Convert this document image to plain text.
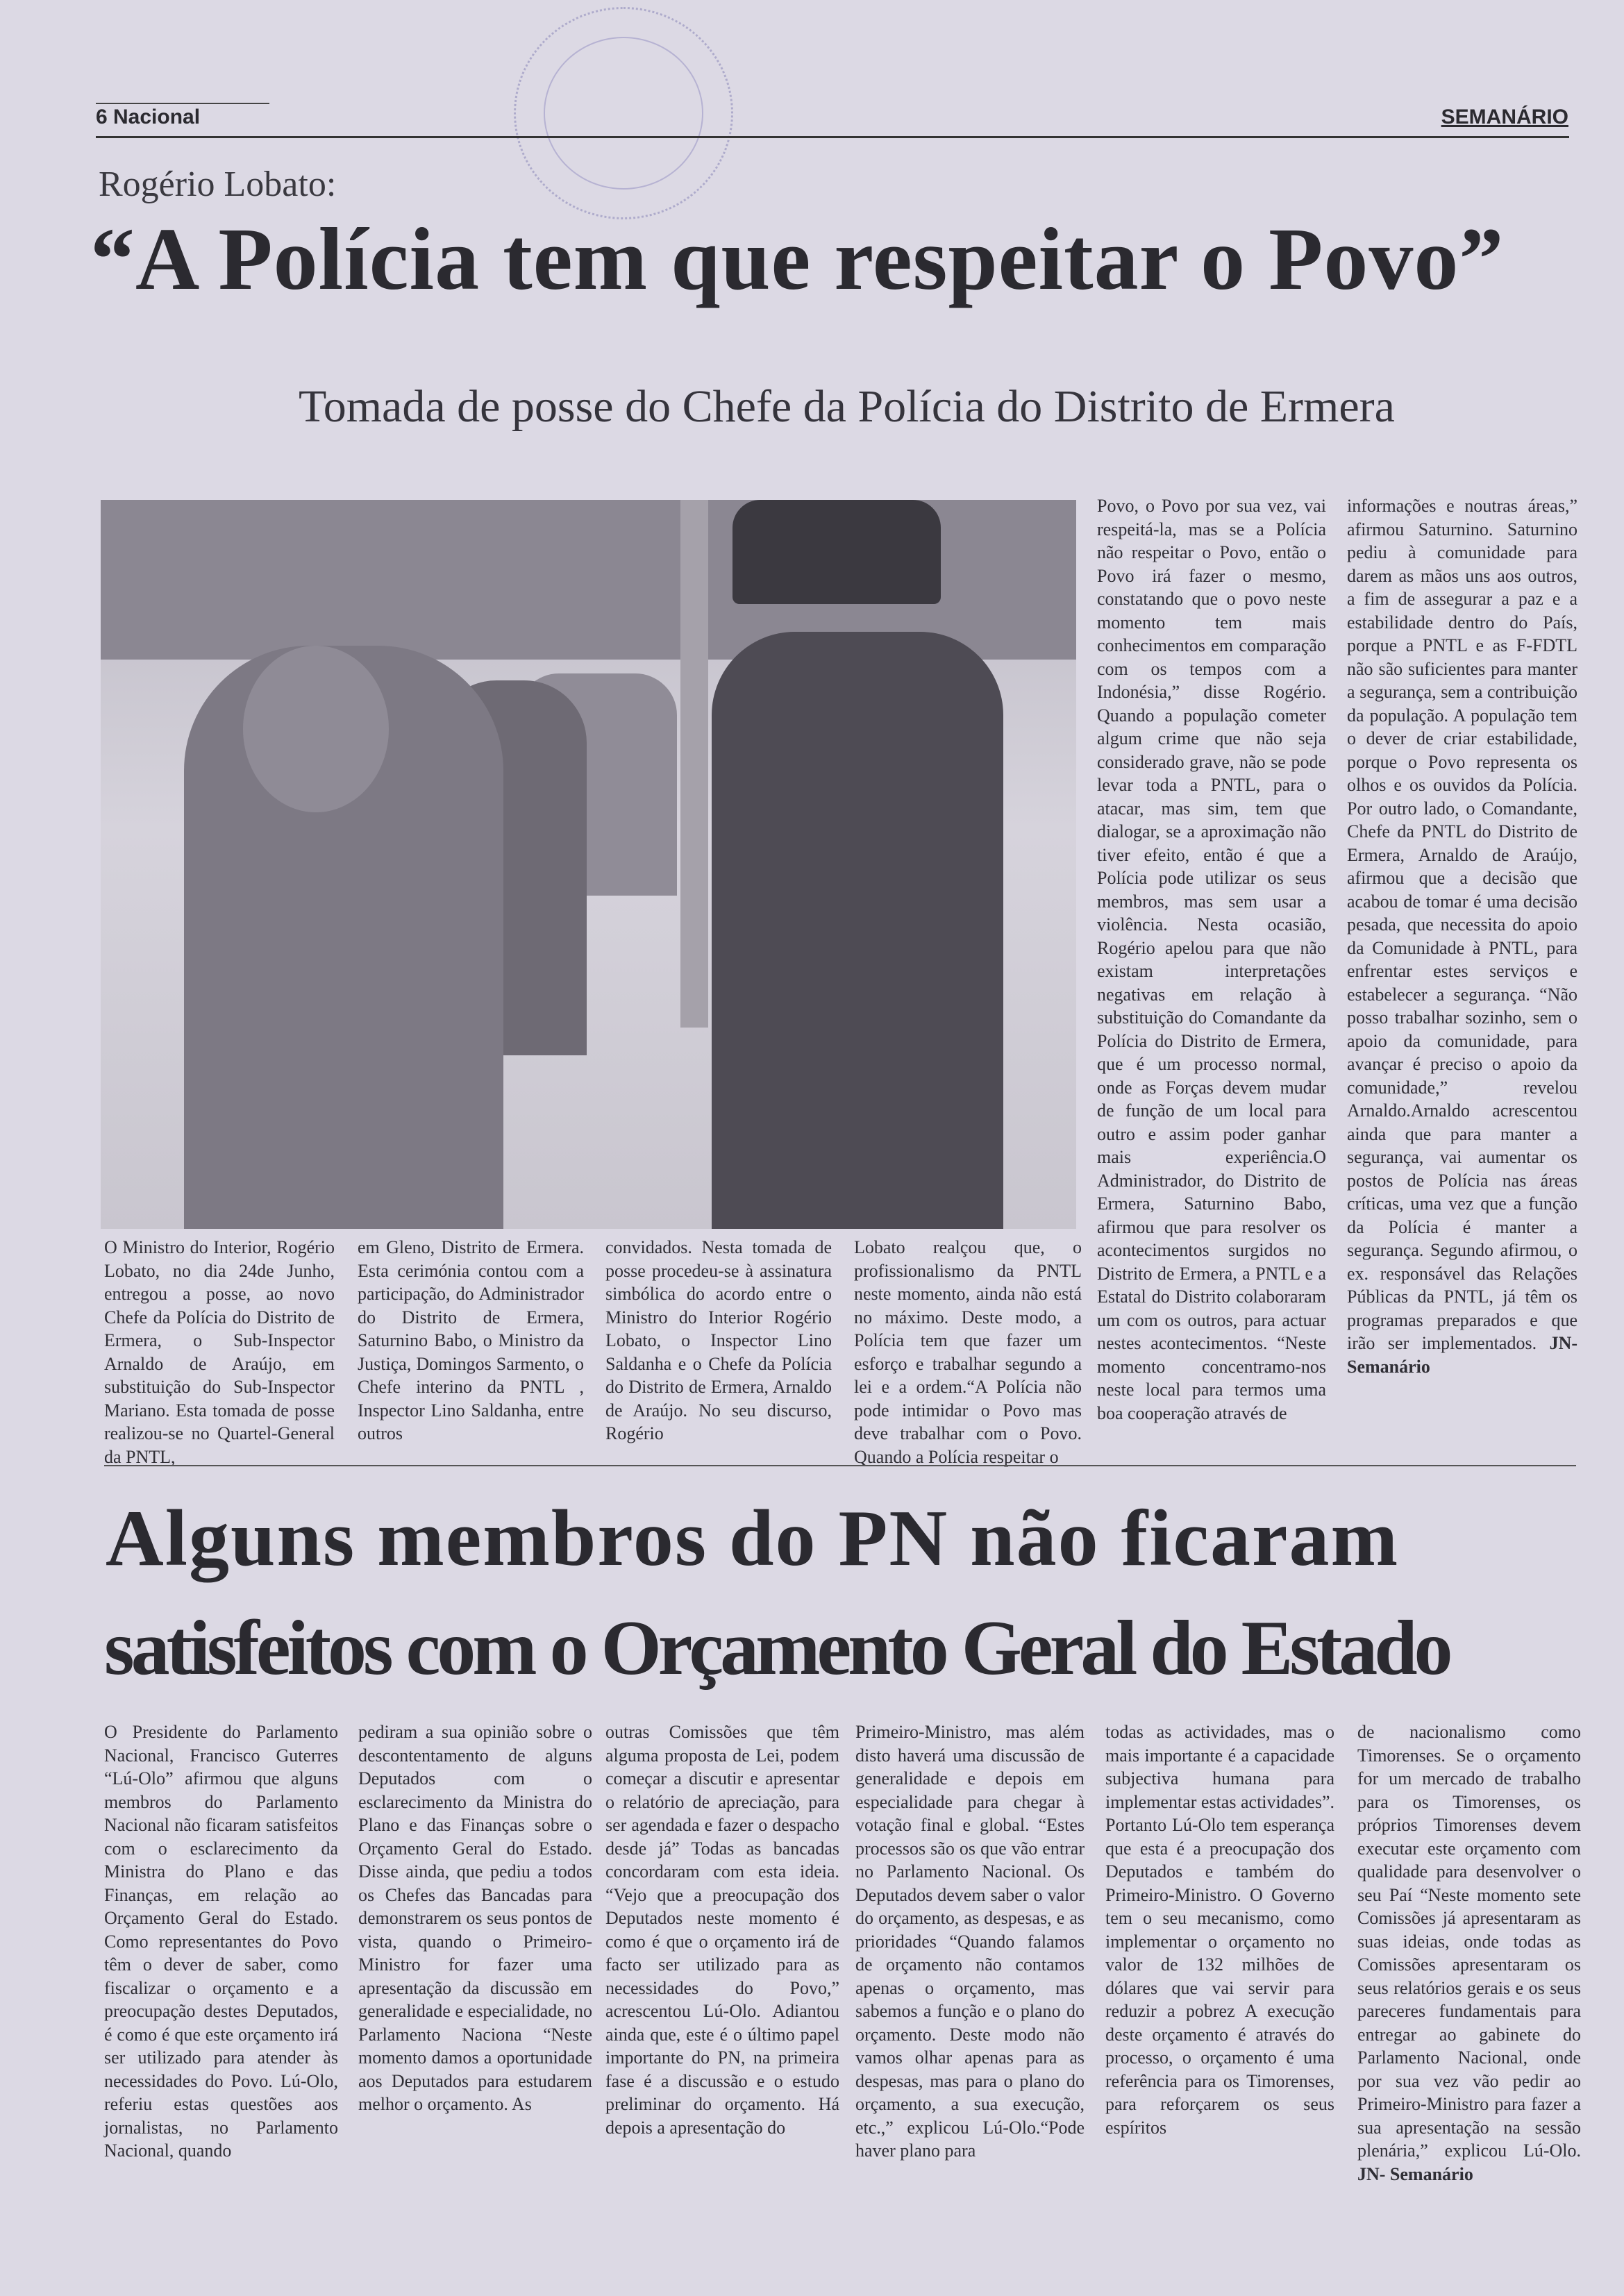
6 Nacional	SEMANÁRIO
Rogério Lobato:
“A Polícia tem que respeitar o Povo”
Tomada de posse do Chefe da Polícia do Distrito de Ermera

O Ministro do Interior, Rogério Lobato, no dia 24de Junho, entregou a posse, ao novo Chefe da Polícia do Distrito de Ermera, o Sub-Inspector Arnaldo de Araújo, em substituição do Sub-Inspector Mariano. Esta tomada de posse realizou-se no Quartel-General da PNTL,

em Gleno, Distrito de Ermera. Esta cerimónia contou com a participação, do Administrador do Distrito de Ermera, Saturnino Babo, o Ministro da Justiça, Domingos Sarmento, o Chefe interino da PNTL , Inspector Lino Saldanha, entre outros

convidados. Nesta tomada de posse procedeu-se à assinatura simbólica do acordo entre o Ministro do Interior Rogério Lobato, o Inspector Lino Saldanha e o Chefe da Polícia do Distrito de Ermera, Arnaldo de Araújo. No seu discurso, Rogério

Lobato realçou que, o profissionalismo da PNTL neste momento, ainda não está no máximo. Deste modo, a Polícia tem que fazer um esforço e trabalhar segundo a lei e a ordem.“A Polícia não pode intimidar o Povo mas deve trabalhar com o Povo. Quando a Polícia respeitar o

Povo, o Povo por sua vez, vai respeitá-la, mas se a Polícia não respeitar o Povo, então o Povo irá fazer o mesmo, constatando que o povo neste momento tem mais conhecimentos em comparação com os tempos com a Indonésia,” disse Rogério. Quando a população cometer algum crime que não seja considerado grave, não se pode levar toda a PNTL, para o atacar, mas sim, tem que dialogar, se a aproximação não tiver efeito, então é que a Polícia pode utilizar os seus membros, mas sem usar a violência. Nesta ocasião, Rogério apelou para que não existam interpretações negativas em relação à substituição do Comandante da Polícia do Distrito de Ermera, que é um processo normal, onde as Forças devem mudar de função de um local para outro e assim poder ganhar mais experiência.O Administrador, do Distrito de Ermera, Saturnino Babo, afirmou que para resolver os acontecimentos surgidos no Distrito de Ermera, a PNTL e a Estatal do Distrito colaboraram um com os outros, para actuar nestes acontecimentos. “Neste momento concentramo-nos neste local para termos uma boa cooperação através de

informações e noutras áreas,” afirmou Saturnino. Saturnino pediu à comunidade para darem as mãos uns aos outros, a fim de assegurar a paz e a estabilidade dentro do País, porque a PNTL e as F-FDTL não são suficientes para manter a segurança, sem a contribuição da população. A população tem o dever de criar estabilidade, porque o Povo representa os olhos e os ouvidos da Polícia. Por outro lado, o Comandante, Chefe da PNTL do Distrito de Ermera, Arnaldo de Araújo, afirmou que a decisão que acabou de tomar é uma decisão pesada, que necessita do apoio da Comunidade à PNTL, para enfrentar estes serviços e estabelecer a segurança. “Não posso trabalhar sozinho, sem o apoio da comunidade, para avançar é preciso o apoio da comunidade,” revelou Arnaldo.Arnaldo acrescentou ainda que para manter a segurança, vai aumentar os postos de Polícia nas áreas críticas, uma vez que a função da Polícia é manter a segurança. Segundo afirmou, o ex. responsável das Relações Públicas da PNTL, já têm os programas preparados e que irão ser implementados. JN-Semanário

Alguns membros do PN não ficaram
satisfeitos com o Orçamento Geral do Estado

O Presidente do Parlamento Nacional, Francisco Guterres “Lú-Olo” afirmou que alguns membros do Parlamento Nacional não ficaram satisfeitos com o esclarecimento da Ministra do Plano e das Finanças, em relação ao Orçamento Geral do Estado. Como representantes do Povo têm o dever de saber, como fiscalizar o orçamento e a preocupação destes Deputados, é como é que este orçamento irá ser utilizado para atender às necessidades do Povo. Lú-Olo, referiu estas questões aos jornalistas, no Parlamento Nacional, quando

pediram a sua opinião sobre o descontentamento de alguns Deputados com o esclarecimento da Ministra do Plano e das Finanças sobre o Orçamento Geral do Estado. Disse ainda, que pediu a todos os Chefes das Bancadas para demonstrarem os seus pontos de vista, quando o Primeiro-Ministro for fazer uma apresentação da discussão em generalidade e especialidade, no Parlamento Naciona “Neste momento damos a oportunidade aos Deputados para estudarem melhor o orçamento. As

outras Comissões que têm alguma proposta de Lei, podem começar a discutir e apresentar o relatório de apreciação, para ser agendada e fazer o despacho desde já” Todas as bancadas concordaram com esta ideia. “Vejo que a preocupação dos Deputados neste momento é como é que o orçamento irá de facto ser utilizado para as necessidades do Povo,” acrescentou Lú-Olo. Adiantou ainda que, este é o último papel importante do PN, na primeira fase é a discussão e o estudo preliminar do orçamento. Há depois a apresentação do

Primeiro-Ministro, mas além disto haverá uma discussão de generalidade e depois em especialidade para chegar à votação final e global. “Estes processos são os que vão entrar no Parlamento Nacional. Os Deputados devem saber o valor do orçamento, as despesas, e as prioridades “Quando falamos de orçamento não contamos apenas o orçamento, mas sabemos a função e o plano do orçamento. Deste modo não vamos olhar apenas para as despesas, mas para o plano do orçamento, a sua execução, etc.,” explicou Lú-Olo.“Pode haver plano para

todas as actividades, mas o mais importante é a capacidade subjectiva humana para implementar estas actividades”. Portanto Lú-Olo tem esperança que esta é a preocupação dos Deputados e também do Primeiro-Ministro. O Governo tem o seu mecanismo, como implementar o orçamento no valor de 132 milhões de dólares que vai servir para reduzir a pobrez A execução deste orçamento é através do processo, o orçamento é uma referência para os Timorenses, para reforçarem os seus espíritos

de nacionalismo como Timorenses. Se o orçamento for um mercado de trabalho para os Timorenses, os próprios Timorenses devem executar este orçamento com qualidade para desenvolver o seu Paí “Neste momento sete Comissões já apresentaram as suas ideias, onde todas as Comissões apresentaram os seus relatórios gerais e os seus pareceres fundamentais para entregar ao gabinete do Parlamento Nacional, onde por sua vez vão pedir ao Primeiro-Ministro para fazer a sua apresentação na sessão plenária,” explicou Lú-Olo. JN- Semanário
